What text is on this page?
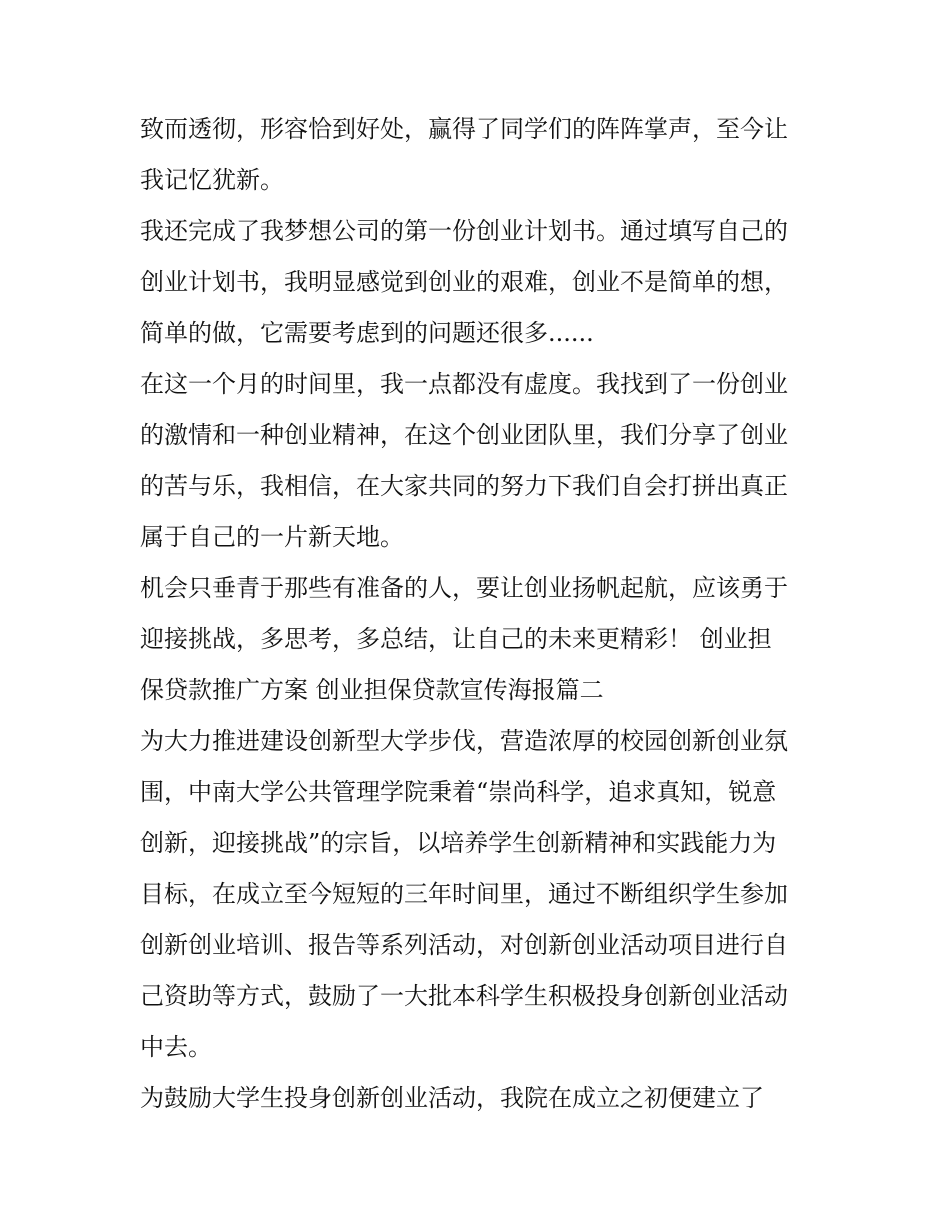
致而透彻，形容恰到好处，赢得了同学们的阵阵掌声，至今让
我记忆犹新。
我还完成了我梦想公司的第一份创业计划书。通过填写自己的
创业计划书，我明显感觉到创业的艰难，创业不是简单的想，
简单的做，它需要考虑到的问题还很多......
在这一个月的时间里，我一点都没有虚度。我找到了一份创业
的激情和一种创业精神，在这个创业团队里，我们分享了创业
的苦与乐，我相信，在大家共同的努力下我们自会打拼出真正
属于自己的一片新天地。
机会只垂青于那些有准备的人，要让创业扬帆起航，应该勇于
迎接挑战，多思考，多总结，让自己的未来更精彩！ 创业担
保贷款推广方案 创业担保贷款宣传海报篇二
为大力推进建设创新型大学步伐，营造浓厚的校园创新创业氛
围，中南大学公共管理学院秉着“崇尚科学，追求真知，锐意
创新，迎接挑战”的宗旨，以培养学生创新精神和实践能力为
目标，在成立至今短短的三年时间里，通过不断组织学生参加
创新创业培训、报告等系列活动，对创新创业活动项目进行自
己资助等方式，鼓励了一大批本科学生积极投身创新创业活动
中去。
为鼓励大学生投身创新创业活动，我院在成立之初便建立了
